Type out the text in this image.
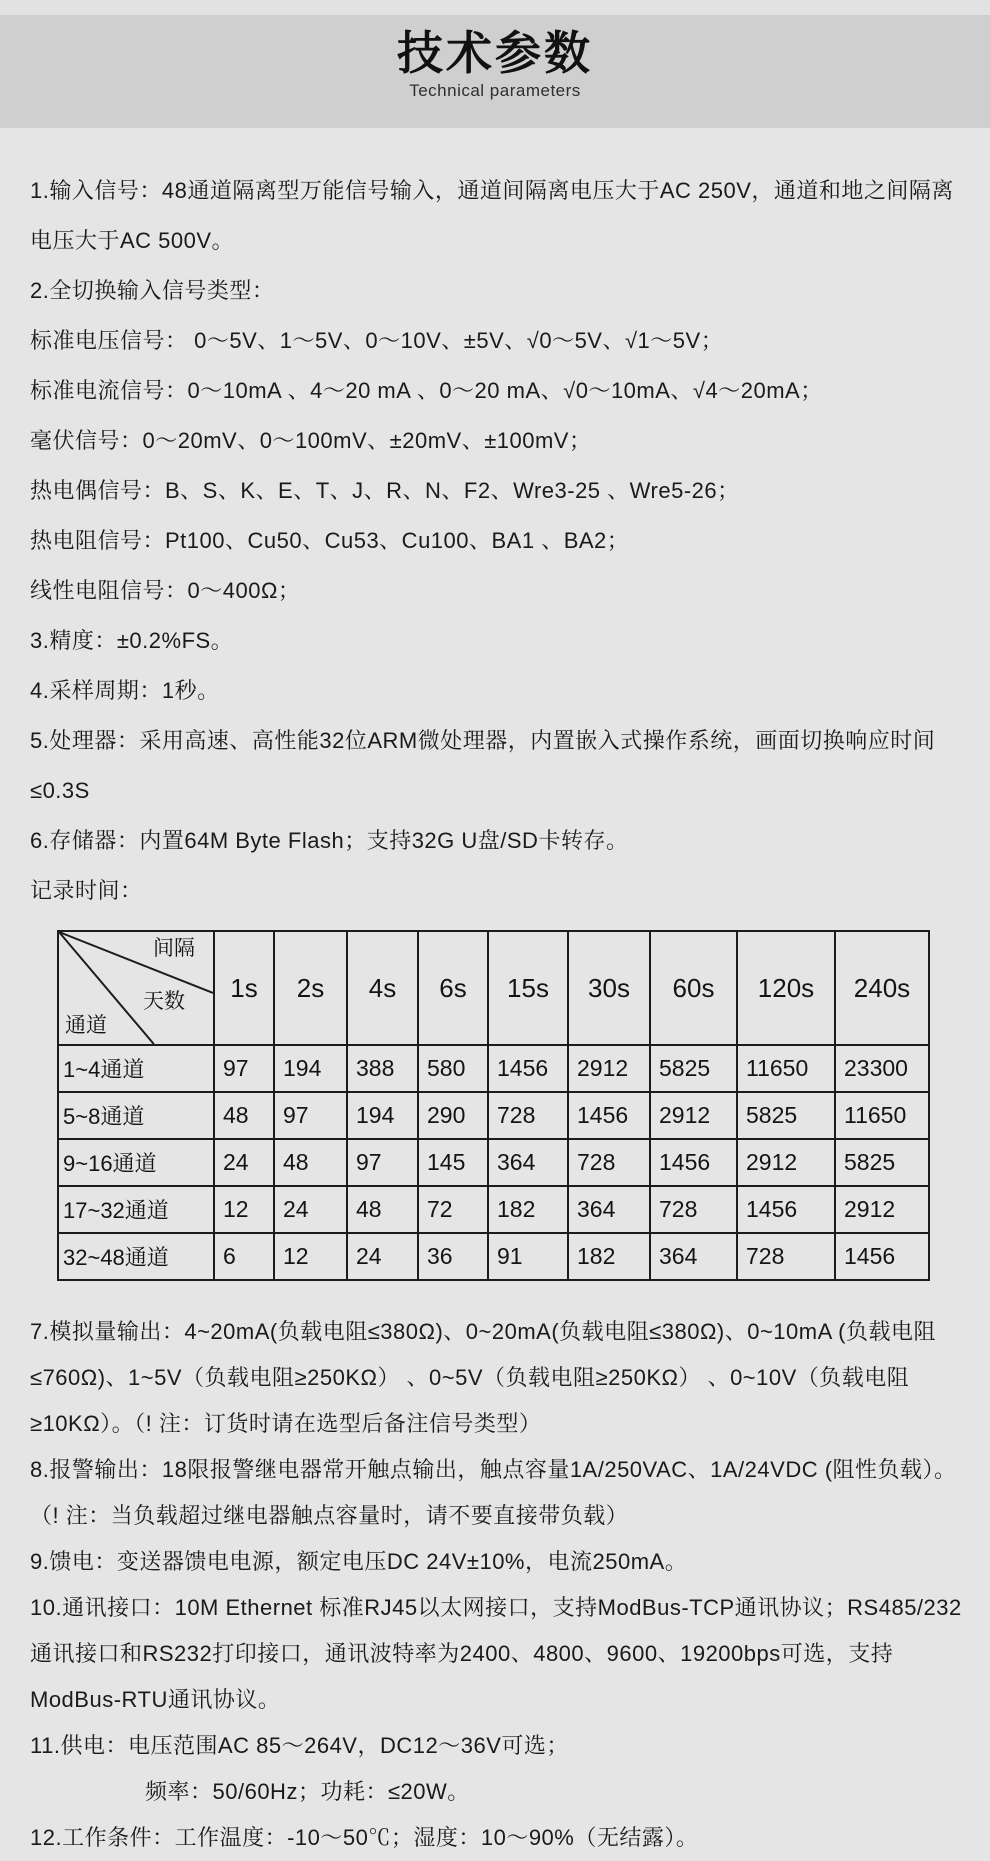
技术参数
Technical parameters

1.输入信号：48通道隔离型万能信号输入，通道间隔离电压大于AC 250V，通道和地之间隔离电压大于AC 500V。

2.全切换输入信号类型：

标准电压信号： 0～5V、1～5V、0～10V、±5V、√0～5V、√1～5V；

标准电流信号：0～10mA 、4～20 mA 、0～20 mA、√0～10mA、√4～20mA；

毫伏信号：0～20mV、0～100mV、±20mV、±100mV；

热电偶信号：B、S、K、E、T、J、R、N、F2、Wre3-25 、Wre5-26；

热电阻信号：Pt100、Cu50、Cu53、Cu100、BA1 、BA2；

线性电阻信号：0～400Ω；

3.精度：±0.2%FS。

4.采样周期：1秒。

5.处理器：采用高速、高性能32位ARM微处理器，内置嵌入式操作系统，画面切换响应时间≤0.3S

6.存储器：内置64M Byte Flash；支持32G U盘/SD卡转存。

记录时间：

间隔
天数
通道	1s	2s	4s	6s	15s	30s	60s	120s	240s
1~4通道	97	194	388	580	1456	2912	5825	11650	23300
5~8通道	48	97	194	290	728	1456	2912	5825	11650
9~16通道	24	48	97	145	364	728	1456	2912	5825
17~32通道	12	24	48	72	182	364	728	1456	2912
32~48通道	6	12	24	36	91	182	364	728	1456

7.模拟量输出：4~20mA(负载电阻≤380Ω)、0~20mA(负载电阻≤380Ω)、0~10mA (负载电阻≤760Ω)、1~5V（负载电阻≥250KΩ） 、0~5V（负载电阻≥250KΩ） 、0~10V（负载电阻≥10KΩ）。（! 注：订货时请在选型后备注信号类型）

8.报警输出：18限报警继电器常开触点输出，触点容量1A/250VAC、1A/24VDC (阻性负载）。（! 注：当负载超过继电器触点容量时，请不要直接带负载）

9.馈电：变送器馈电电源，额定电压DC 24V±10%，电流250mA。

10.通讯接口：10M Ethernet 标准RJ45以太网接口，支持ModBus-TCP通讯协议；RS485/232通讯接口和RS232打印接口，通讯波特率为2400、4800、9600、19200bps可选，支持ModBus-RTU通讯协议。

11.供电：电压范围AC 85～264V，DC12～36V可选；

频率：50/60Hz；功耗：≤20W。

12.工作条件：工作温度：-10～50℃；湿度：10～90%（无结露）。
